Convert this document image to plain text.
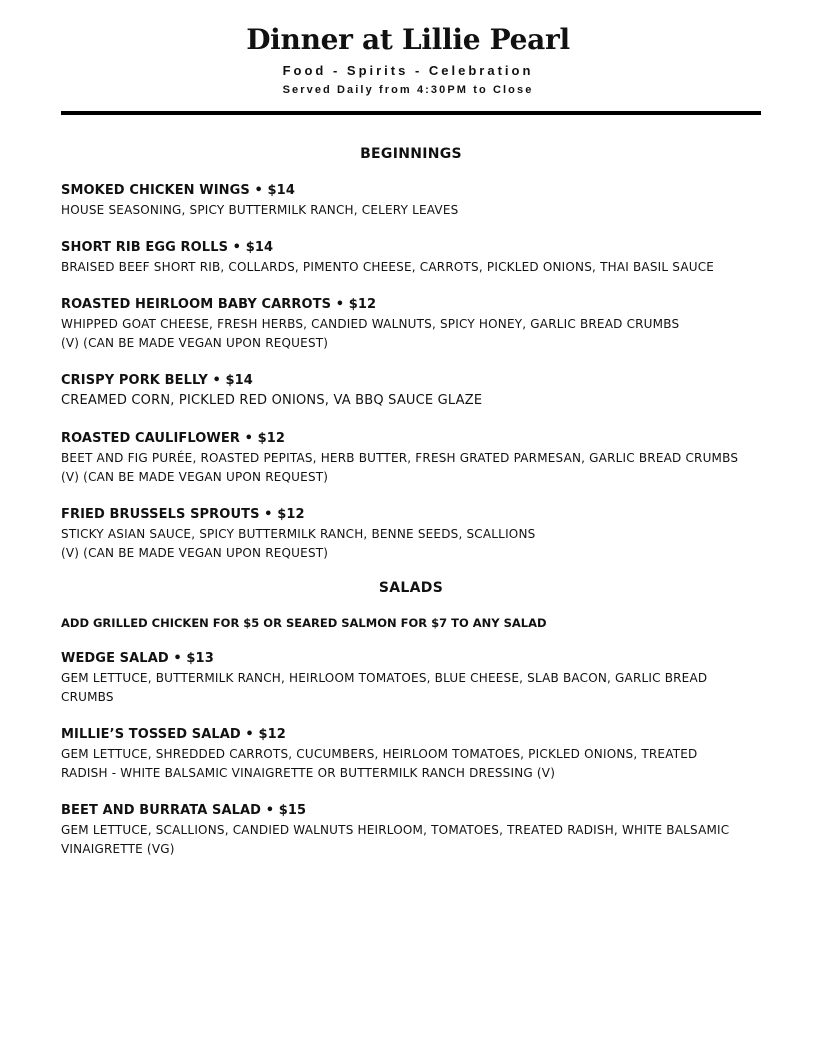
Dinner at Lillie Pearl
Food - Spirits - Celebration
Served Daily from 4:30PM to Close
BEGINNINGS
SMOKED CHICKEN WINGS • $14
HOUSE SEASONING, SPICY BUTTERMILK RANCH, CELERY LEAVES
SHORT RIB EGG ROLLS • $14
BRAISED BEEF SHORT RIB, COLLARDS, PIMENTO CHEESE, CARROTS, PICKLED ONIONS, THAI BASIL SAUCE
ROASTED HEIRLOOM BABY CARROTS • $12
WHIPPED GOAT CHEESE, FRESH HERBS, CANDIED WALNUTS, SPICY HONEY, GARLIC BREAD CRUMBS
(V) (CAN BE MADE VEGAN UPON REQUEST)
CRISPY PORK BELLY • $14
CREAMED CORN, PICKLED RED ONIONS, VA BBQ SAUCE GLAZE
ROASTED CAULIFLOWER • $12
BEET AND FIG PURÉE, ROASTED PEPITAS, HERB BUTTER, FRESH GRATED PARMESAN, GARLIC BREAD CRUMBS
(V) (CAN BE MADE VEGAN UPON REQUEST)
FRIED BRUSSELS SPROUTS • $12
STICKY ASIAN SAUCE, SPICY BUTTERMILK RANCH, BENNE SEEDS, SCALLIONS
(V) (CAN BE MADE VEGAN UPON REQUEST)
SALADS
ADD GRILLED CHICKEN FOR $5 OR SEARED SALMON FOR $7 TO ANY SALAD
WEDGE SALAD • $13
GEM LETTUCE, BUTTERMILK RANCH, HEIRLOOM TOMATOES, BLUE CHEESE, SLAB BACON, GARLIC BREAD
CRUMBS
MILLIE’S TOSSED SALAD • $12
GEM LETTUCE, SHREDDED CARROTS, CUCUMBERS, HEIRLOOM TOMATOES, PICKLED ONIONS, TREATED
RADISH - WHITE BALSAMIC VINAIGRETTE OR BUTTERMILK RANCH DRESSING (V)
BEET AND BURRATA SALAD • $15
GEM LETTUCE, SCALLIONS, CANDIED WALNUTS HEIRLOOM, TOMATOES, TREATED RADISH, WHITE BALSAMIC
VINAIGRETTE (VG)
